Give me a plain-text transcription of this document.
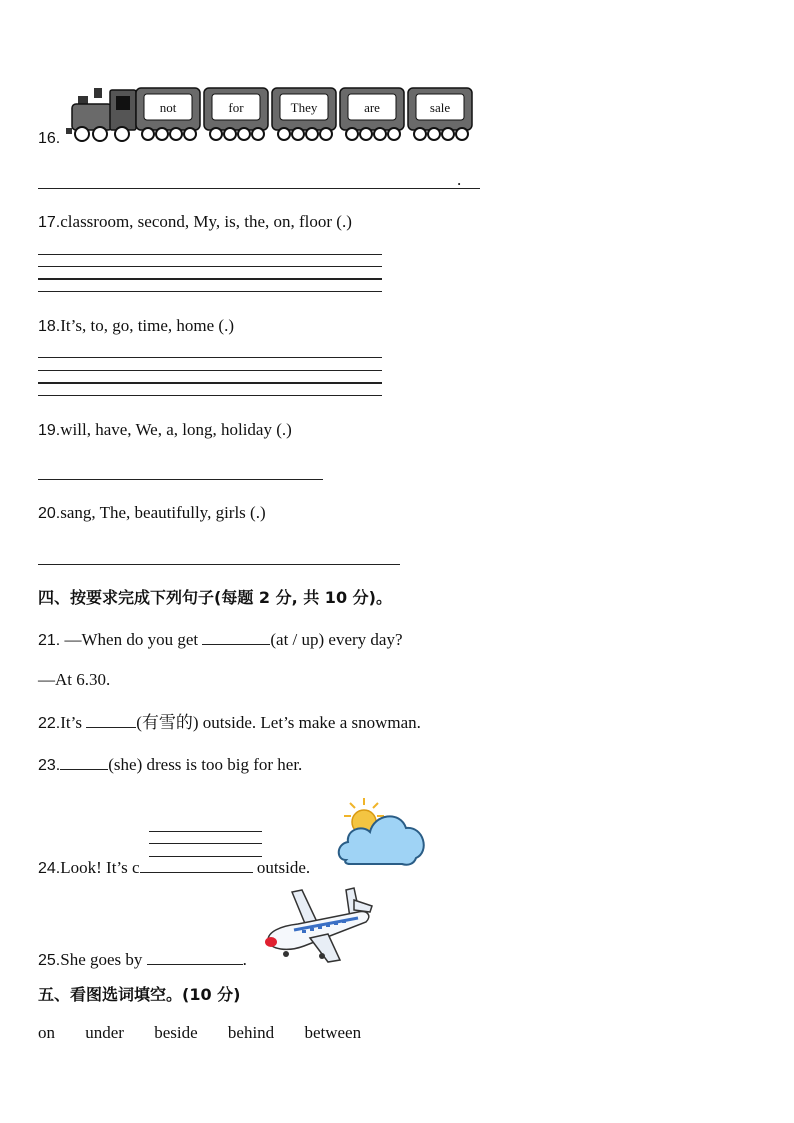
16.
not	for	They	are	sale
.
17.classroom, second, My, is, the, on, floor (.)
18.It’s, to, go, time, home (.)
19.will, have, We, a, long, holiday (.)
20.sang, The, beautifully, girls (.)
四、按要求完成下列句子(每题 2 分, 共 10 分)。
21. —When do you get	(at / up) every day?
—At 6.30.
22.It’s	(有雪的) outside. Let’s make a snowman.
23.	(she) dress is too big for her.
24.Look! It’s c	outside.
25.She goes by	.
五、看图选词填空。(10 分)
on under beside behind between
